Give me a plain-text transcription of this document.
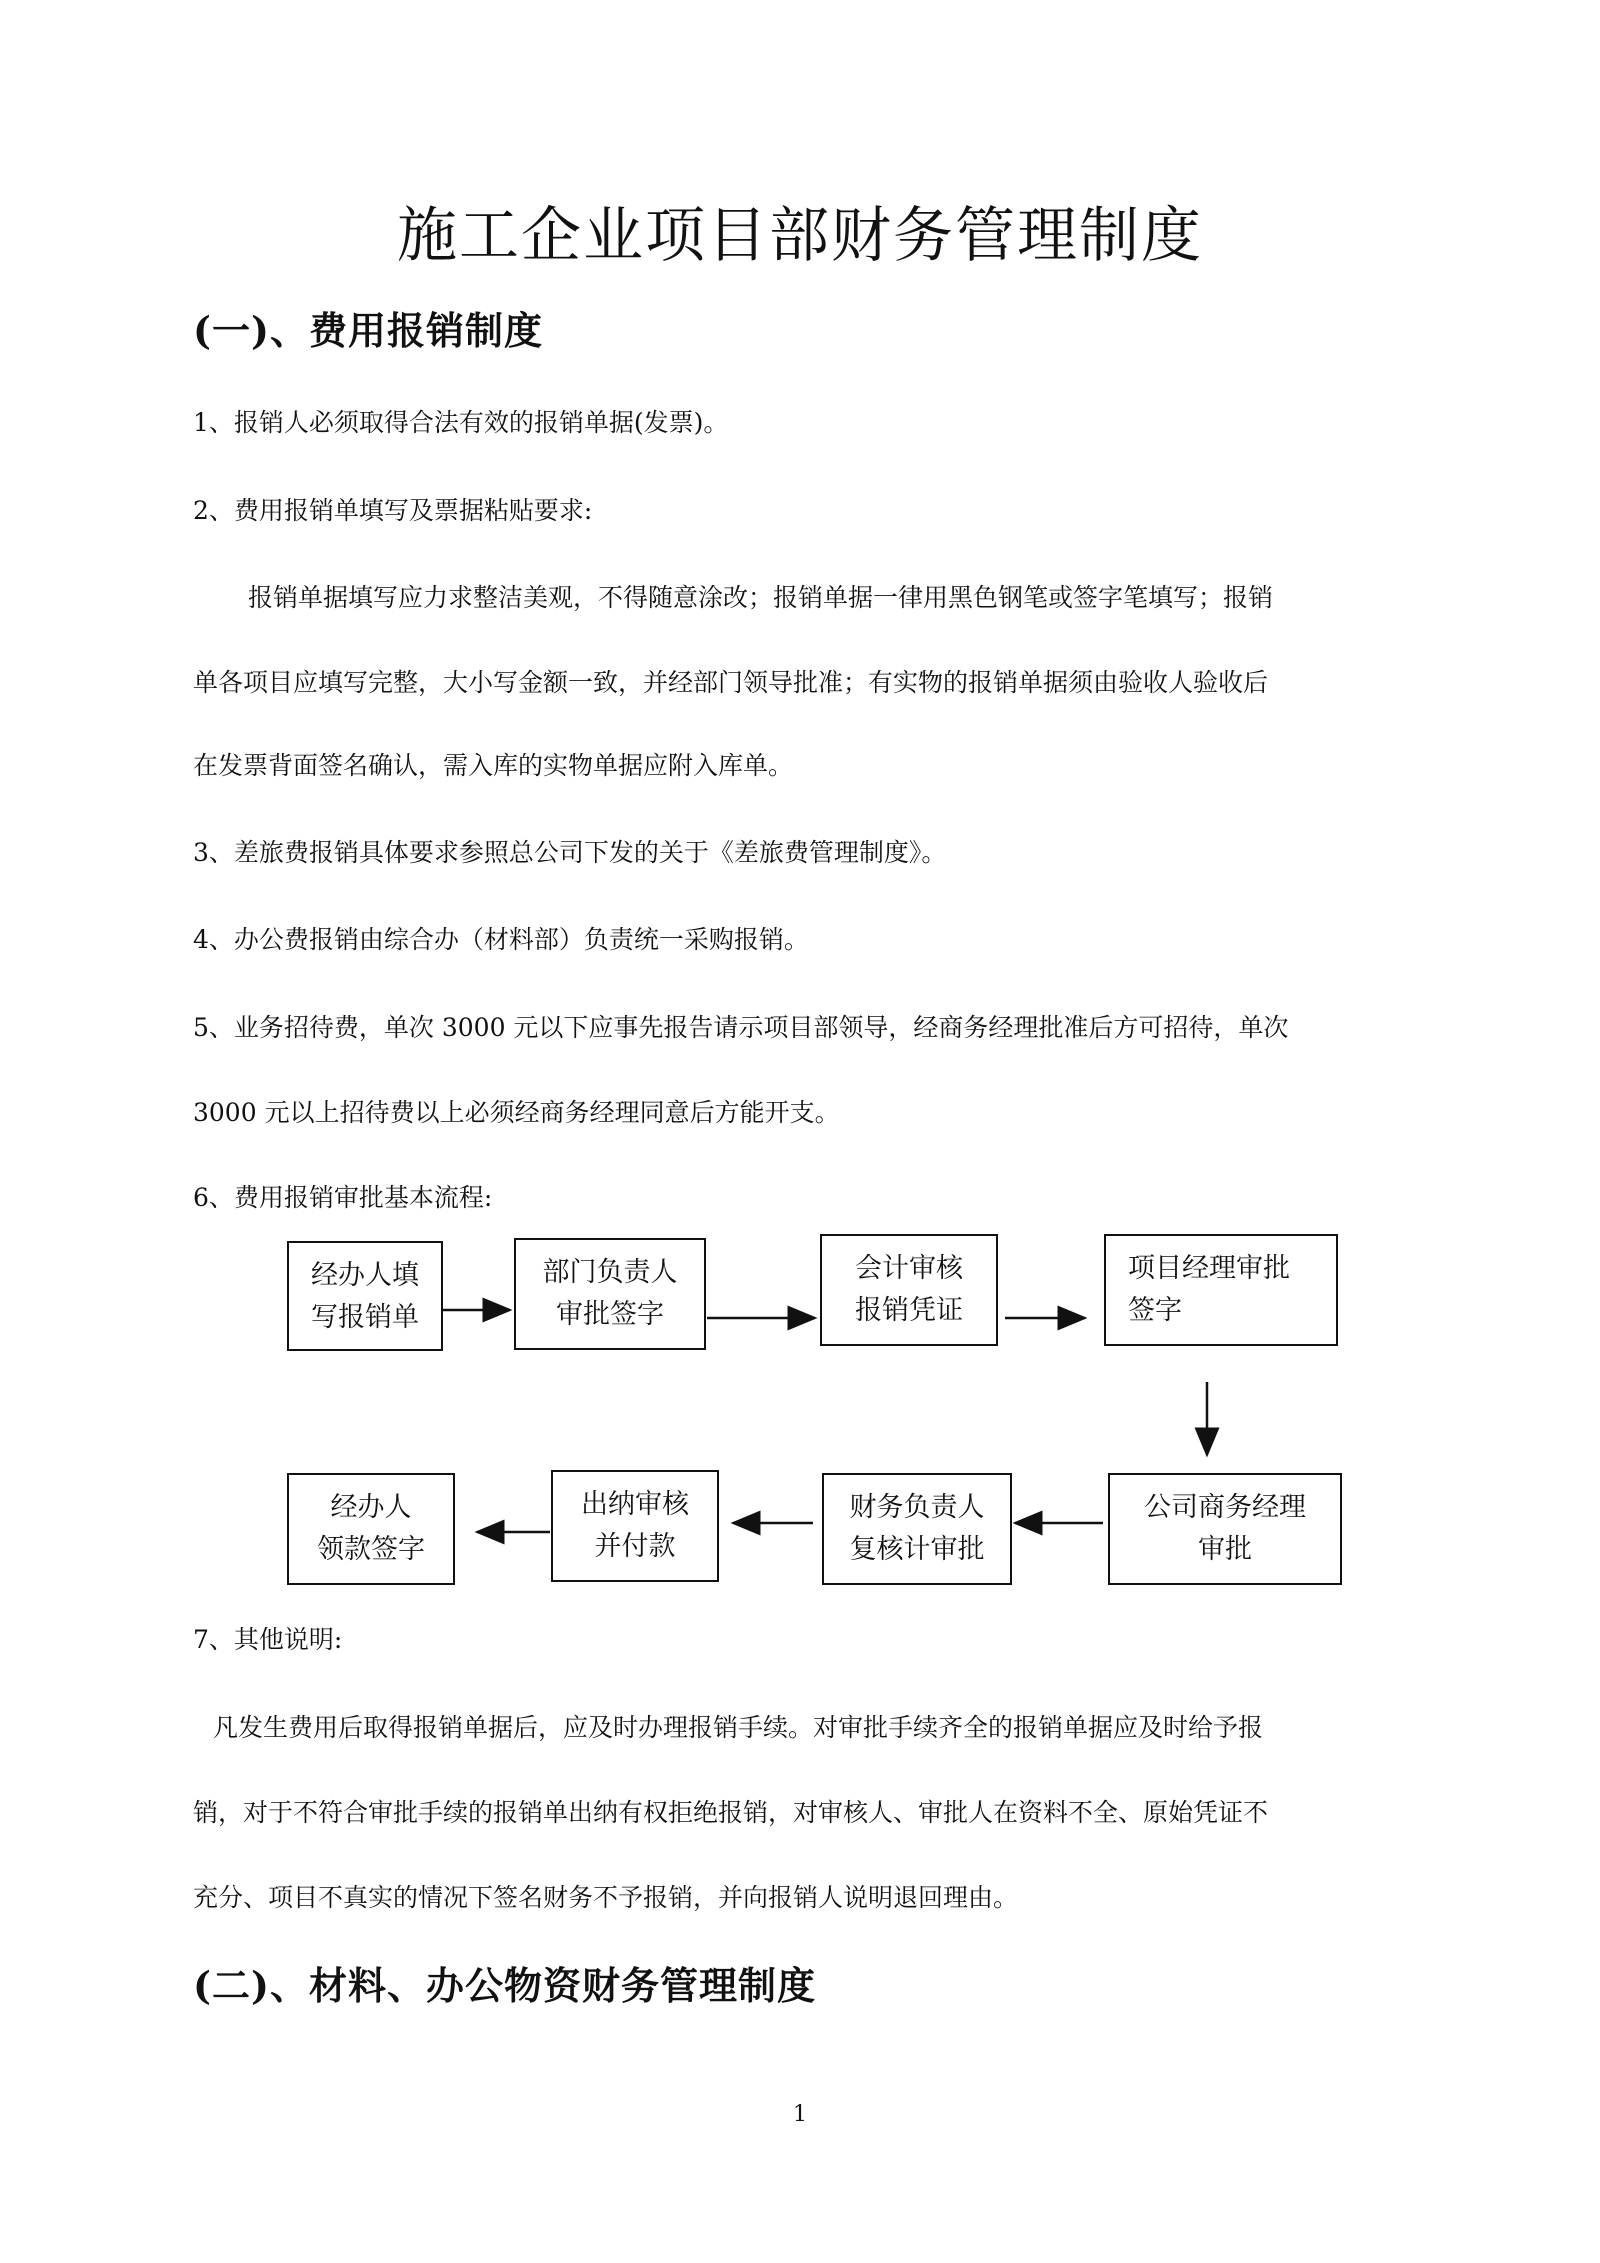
施工企业项目部财务管理制度
(一)、费用报销制度
1、报销人必须取得合法有效的报销单据(发票)。
2、费用报销单填写及票据粘贴要求:
报销单据填写应力求整洁美观，不得随意涂改；报销单据一律用黑色钢笔或签字笔填写；报销
单各项目应填写完整，大小写金额一致，并经部门领导批准；有实物的报销单据须由验收人验收后
在发票背面签名确认，需入库的实物单据应附入库单。
3、差旅费报销具体要求参照总公司下发的关于《差旅费管理制度》。
4、办公费报销由综合办（材料部）负责统一采购报销。
5、业务招待费，单次 3000 元以下应事先报告请示项目部领导，经商务经理批准后方可招待，单次
3000 元以上招待费以上必须经商务经理同意后方能开支。
6、费用报销审批基本流程:
经办人填
写报销单
部门负责人
审批签字
会计审核
报销凭证
项目经理审批
签字
经办人
领款签字
出纳审核
并付款
财务负责人
复核计审批
公司商务经理
审批
7、其他说明:
凡发生费用后取得报销单据后，应及时办理报销手续。对审批手续齐全的报销单据应及时给予报
销，对于不符合审批手续的报销单出纳有权拒绝报销，对审核人、审批人在资料不全、原始凭证不
充分、项目不真实的情况下签名财务不予报销，并向报销人说明退回理由。
(二)、材料、办公物资财务管理制度
1
